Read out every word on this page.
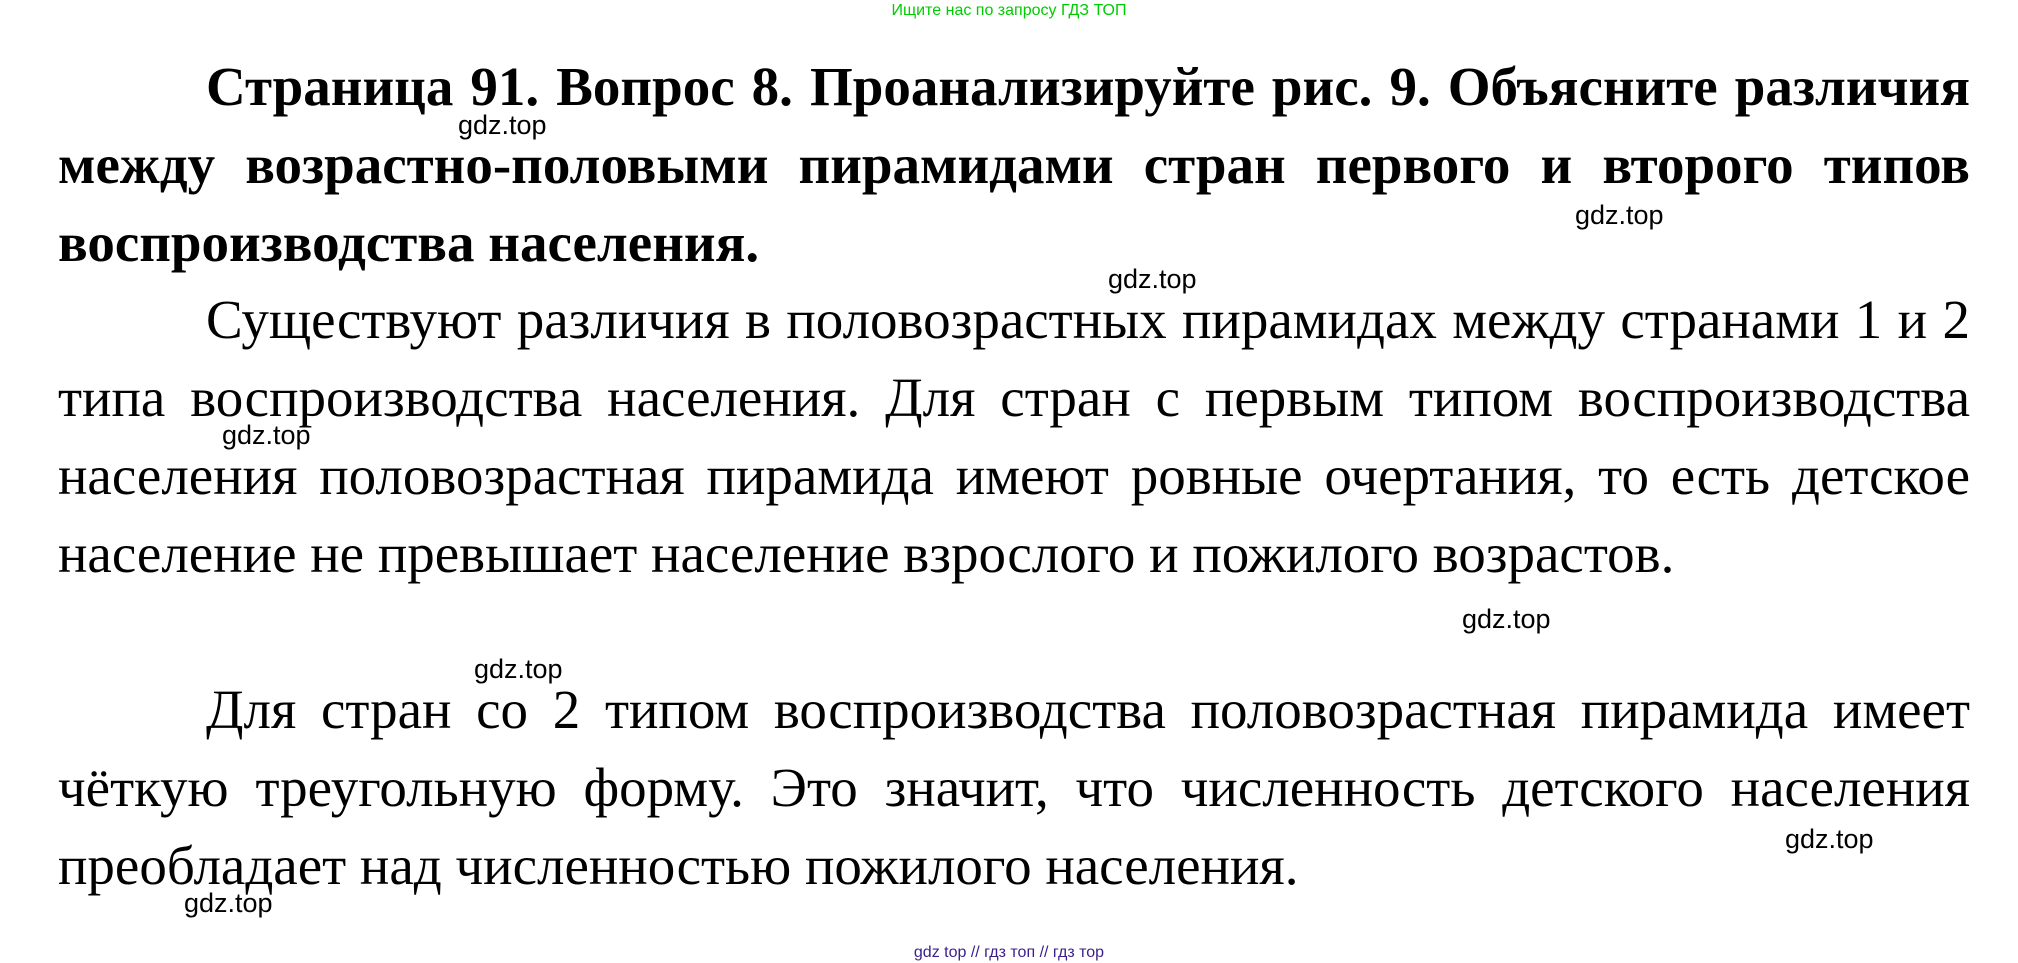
Ищите нас по запросу ГДЗ ТОП

Страница 91. Вопрос 8. Проанализируйте рис. 9. Объясните различия между возрастно-половыми пирамидами стран первого и второго типов воспроизводства населения.

Существуют различия в половозрастных пирамидах между странами 1 и 2 типа воспроизводства населения. Для стран с первым типом воспроизводства населения половозрастная пирамида имеют ровные очертания, то есть детское население не превышает население взрослого и пожилого возрастов.

Для стран со 2 типом воспроизводства половозрастная пирамида имеет чёткую треугольную форму. Это значит, что численность детского населения преобладает над численностью пожилого населения.

gdz.top
gdz.top
gdz.top
gdz.top
gdz.top
gdz.top
gdz.top
gdz.top
gdz top // гдз топ // гдз тор
